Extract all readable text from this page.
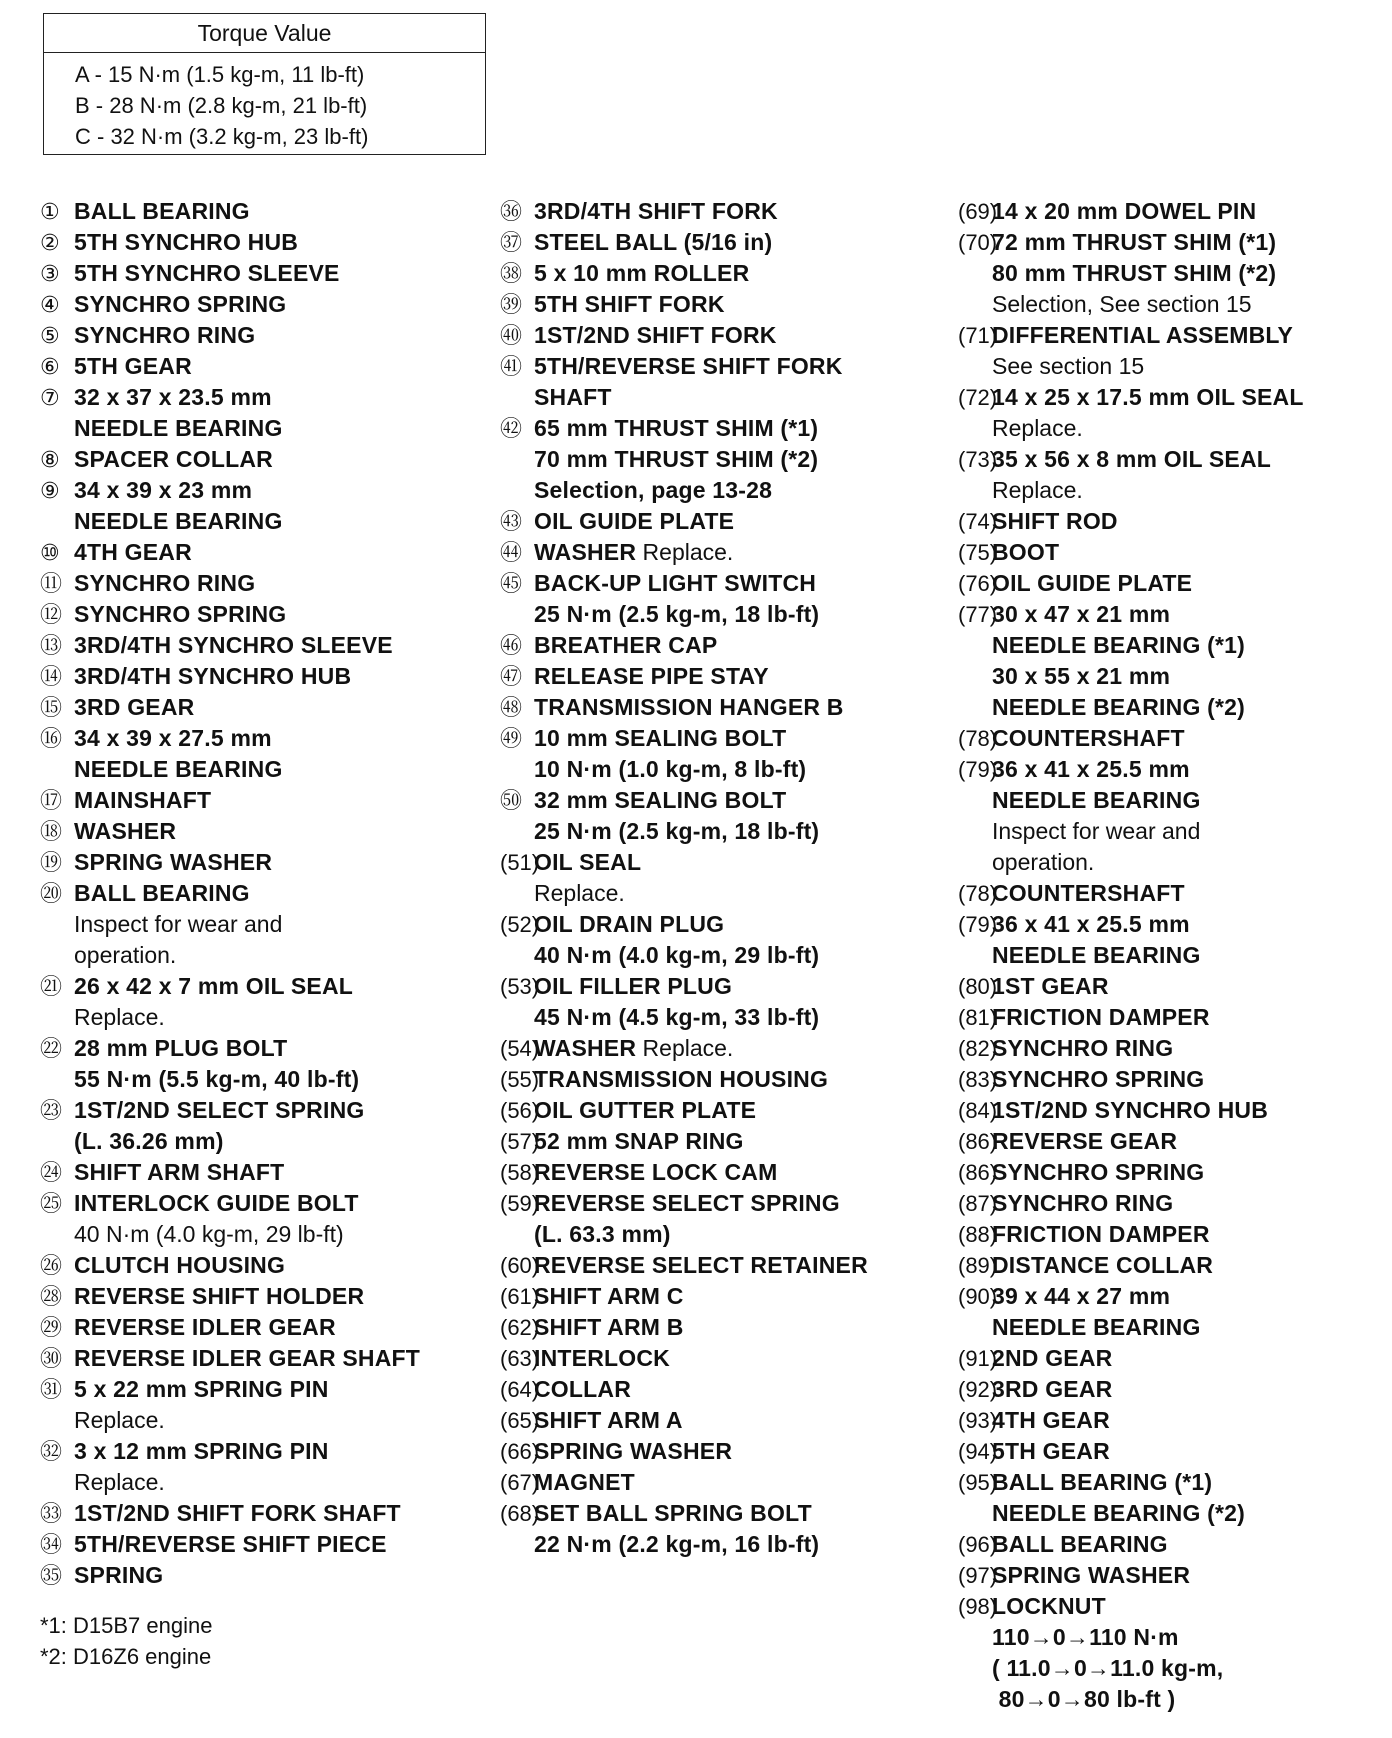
Torque Value
A - 15 N·m (1.5 kg-m, 11 lb-ft)
B - 28 N·m (2.8 kg-m, 21 lb-ft)
C - 32 N·m (3.2 kg-m, 23 lb-ft)
① BALL BEARING
② 5TH SYNCHRO HUB
③ 5TH SYNCHRO SLEEVE
④ SYNCHRO SPRING
⑤ SYNCHRO RING
⑥ 5TH GEAR
⑦ 32 x 37 x 23.5 mm
NEEDLE BEARING
⑧ SPACER COLLAR
⑨ 34 x 39 x 23 mm
NEEDLE BEARING
⑩ 4TH GEAR
⑪ SYNCHRO RING
⑫ SYNCHRO SPRING
⑬ 3RD/4TH SYNCHRO SLEEVE
⑭ 3RD/4TH SYNCHRO HUB
⑮ 3RD GEAR
⑯ 34 x 39 x 27.5 mm
NEEDLE BEARING
⑰ MAINSHAFT
⑱ WASHER
⑲ SPRING WASHER
⑳ BALL BEARING
Inspect for wear and
operation.
㉑ 26 x 42 x 7 mm OIL SEAL
Replace.
㉒ 28 mm PLUG BOLT
55 N·m (5.5 kg-m, 40 lb-ft)
㉓ 1ST/2ND SELECT SPRING
(L. 36.26 mm)
㉔ SHIFT ARM SHAFT
㉕ INTERLOCK GUIDE BOLT
40 N·m (4.0 kg-m, 29 lb-ft)
㉖ CLUTCH HOUSING
㉘ REVERSE SHIFT HOLDER
㉙ REVERSE IDLER GEAR
㉚ REVERSE IDLER GEAR SHAFT
㉛ 5 x 22 mm SPRING PIN
Replace.
㉜ 3 x 12 mm SPRING PIN
Replace.
㉝ 1ST/2ND SHIFT FORK SHAFT
㉞ 5TH/REVERSE SHIFT PIECE
㉟ SPRING
㊱ 3RD/4TH SHIFT FORK
㊲ STEEL BALL (5/16 in)
㊳ 5 x 10 mm ROLLER
㊴ 5TH SHIFT FORK
㊵ 1ST/2ND SHIFT FORK
㊶ 5TH/REVERSE SHIFT FORK
SHAFT
㊷ 65 mm THRUST SHIM (*1)
70 mm THRUST SHIM (*2)
Selection, page 13-28
㊸ OIL GUIDE PLATE
㊹ WASHER Replace.
㊺ BACK-UP LIGHT SWITCH
25 N·m (2.5 kg-m, 18 lb-ft)
㊻ BREATHER CAP
㊼ RELEASE PIPE STAY
㊽ TRANSMISSION HANGER B
㊾ 10 mm SEALING BOLT
10 N·m (1.0 kg-m, 8 lb-ft)
㊿ 32 mm SEALING BOLT
25 N·m (2.5 kg-m, 18 lb-ft)
(51)OIL SEAL
Replace.
(52)OIL DRAIN PLUG
40 N·m (4.0 kg-m, 29 lb-ft)
(53)OIL FILLER PLUG
45 N·m (4.5 kg-m, 33 lb-ft)
(54)WASHER Replace.
(55)TRANSMISSION HOUSING
(56)OIL GUTTER PLATE
(57)52 mm SNAP RING
(58)REVERSE LOCK CAM
(59)REVERSE SELECT SPRING
(L. 63.3 mm)
(60)REVERSE SELECT RETAINER
(61)SHIFT ARM C
(62)SHIFT ARM B
(63)INTERLOCK
(64)COLLAR
(65)SHIFT ARM A
(66)SPRING WASHER
(67)MAGNET
(68)SET BALL SPRING BOLT
22 N·m (2.2 kg-m, 16 lb-ft)
(69)14 x 20 mm DOWEL PIN
(70)72 mm THRUST SHIM (*1)
80 mm THRUST SHIM (*2)
Selection, See section 15
(71)DIFFERENTIAL ASSEMBLY
See section 15
(72)14 x 25 x 17.5 mm OIL SEAL
Replace.
(73)35 x 56 x 8 mm OIL SEAL
Replace.
(74)SHIFT ROD
(75)BOOT
(76)OIL GUIDE PLATE
(77)30 x 47 x 21 mm
NEEDLE BEARING (*1)
30 x 55 x 21 mm
NEEDLE BEARING (*2)
(78)COUNTERSHAFT
(79)36 x 41 x 25.5 mm
NEEDLE BEARING
Inspect for wear and
operation.
(78)COUNTERSHAFT
(79)36 x 41 x 25.5 mm
NEEDLE BEARING
(80)1ST GEAR
(81)FRICTION DAMPER
(82)SYNCHRO RING
(83)SYNCHRO SPRING
(84)1ST/2ND SYNCHRO HUB
(86)REVERSE GEAR
(86)SYNCHRO SPRING
(87)SYNCHRO RING
(88)FRICTION DAMPER
(89)DISTANCE COLLAR
(90)39 x 44 x 27 mm
NEEDLE BEARING
(91)2ND GEAR
(92)3RD GEAR
(93)4TH GEAR
(94)5TH GEAR
(95)BALL BEARING (*1)
NEEDLE BEARING (*2)
(96)BALL BEARING
(97)SPRING WASHER
(98)LOCKNUT
110→0→110 N·m
( 11.0→0→11.0 kg-m,
80→0→80 lb-ft )
*1: D15B7 engine
*2: D16Z6 engine
